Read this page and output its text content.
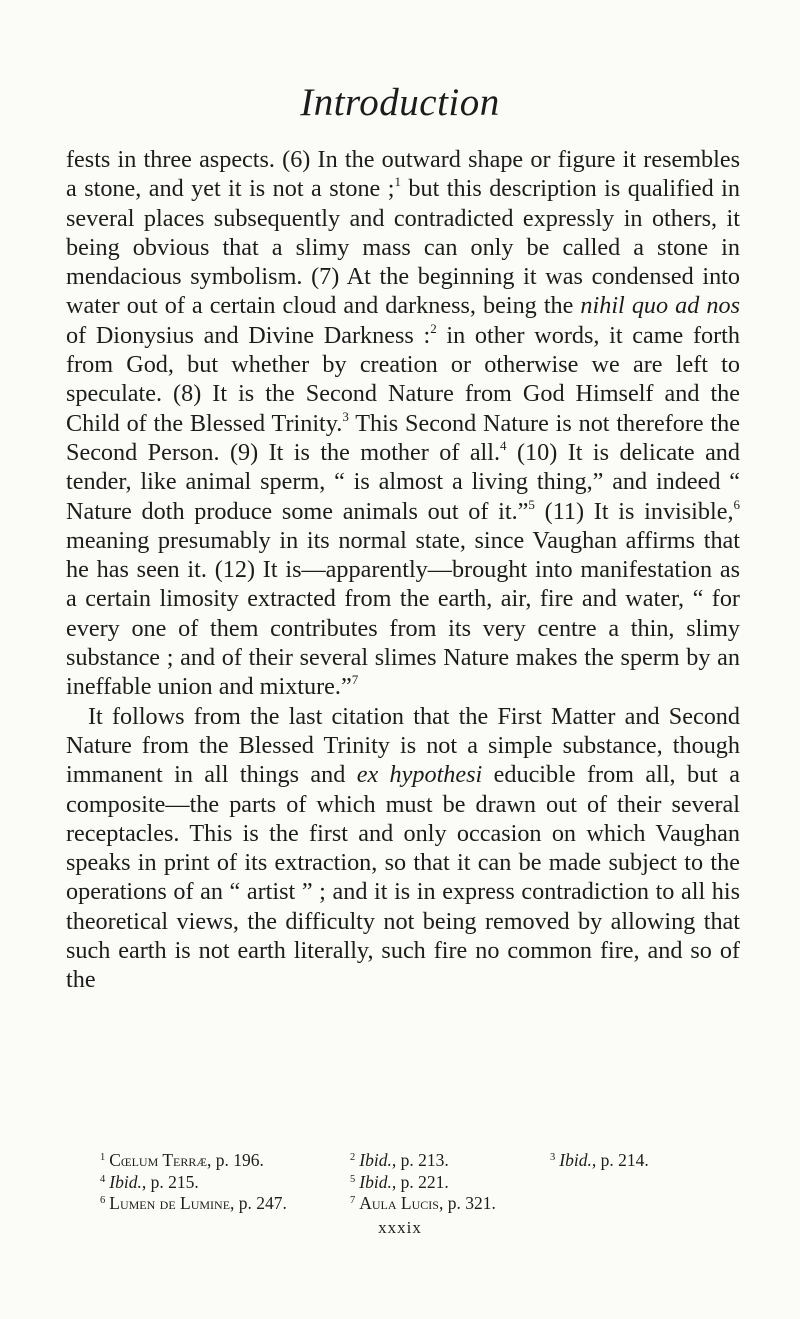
Introduction

fests in three aspects. (6) In the outward shape or figure it resembles a stone, and yet it is not a stone ;$^1$ but this description is qualified in several places subsequently and contradicted expressly in others, it being obvious that a slimy mass can only be called a stone in mendacious symbolism. (7) At the beginning it was condensed into water out of a certain cloud and darkness, being the nihil quo ad nos of Dionysius and Divine Darkness :$^2$ in other words, it came forth from God, but whether by creation or otherwise we are left to speculate. (8) It is the Second Nature from God Himself and the Child of the Blessed Trinity.$^3$ This Second Nature is not therefore the Second Person. (9) It is the mother of all.$^4$ (10) It is delicate and tender, like animal sperm, “ is almost a living thing,” and indeed “ Nature doth produce some animals out of it.”$^5$ (11) It is invisible,$^6$ meaning presumably in its normal state, since Vaughan affirms that he has seen it. (12) It is—apparently—brought into manifestation as a certain limosity extracted from the earth, air, fire and water, “ for every one of them contributes from its very centre a thin, slimy substance ; and of their several slimes Nature makes the sperm by an ineffable union and mixture.”$^7$

It follows from the last citation that the First Matter and Second Nature from the Blessed Trinity is not a simple substance, though immanent in all things and ex hypothesi educible from all, but a composite—the parts of which must be drawn out of their several receptacles. This is the first and only occasion on which Vaughan speaks in print of its extraction, so that it can be made subject to the operations of an “ artist ” ; and it is in express contradiction to all his theoretical views, the difficulty not being removed by allowing that such earth is not earth literally, such fire no common fire, and so of the

$^1$ Cœlum Terræ, p. 196.	$^2$ Ibid., p. 213.	$^3$ Ibid., p. 214.
$^4$ Ibid., p. 215.	$^5$ Ibid., p. 221.
$^6$ Lumen de Lumine, p. 247.	$^7$ Aula Lucis, p. 321.
xxxix
